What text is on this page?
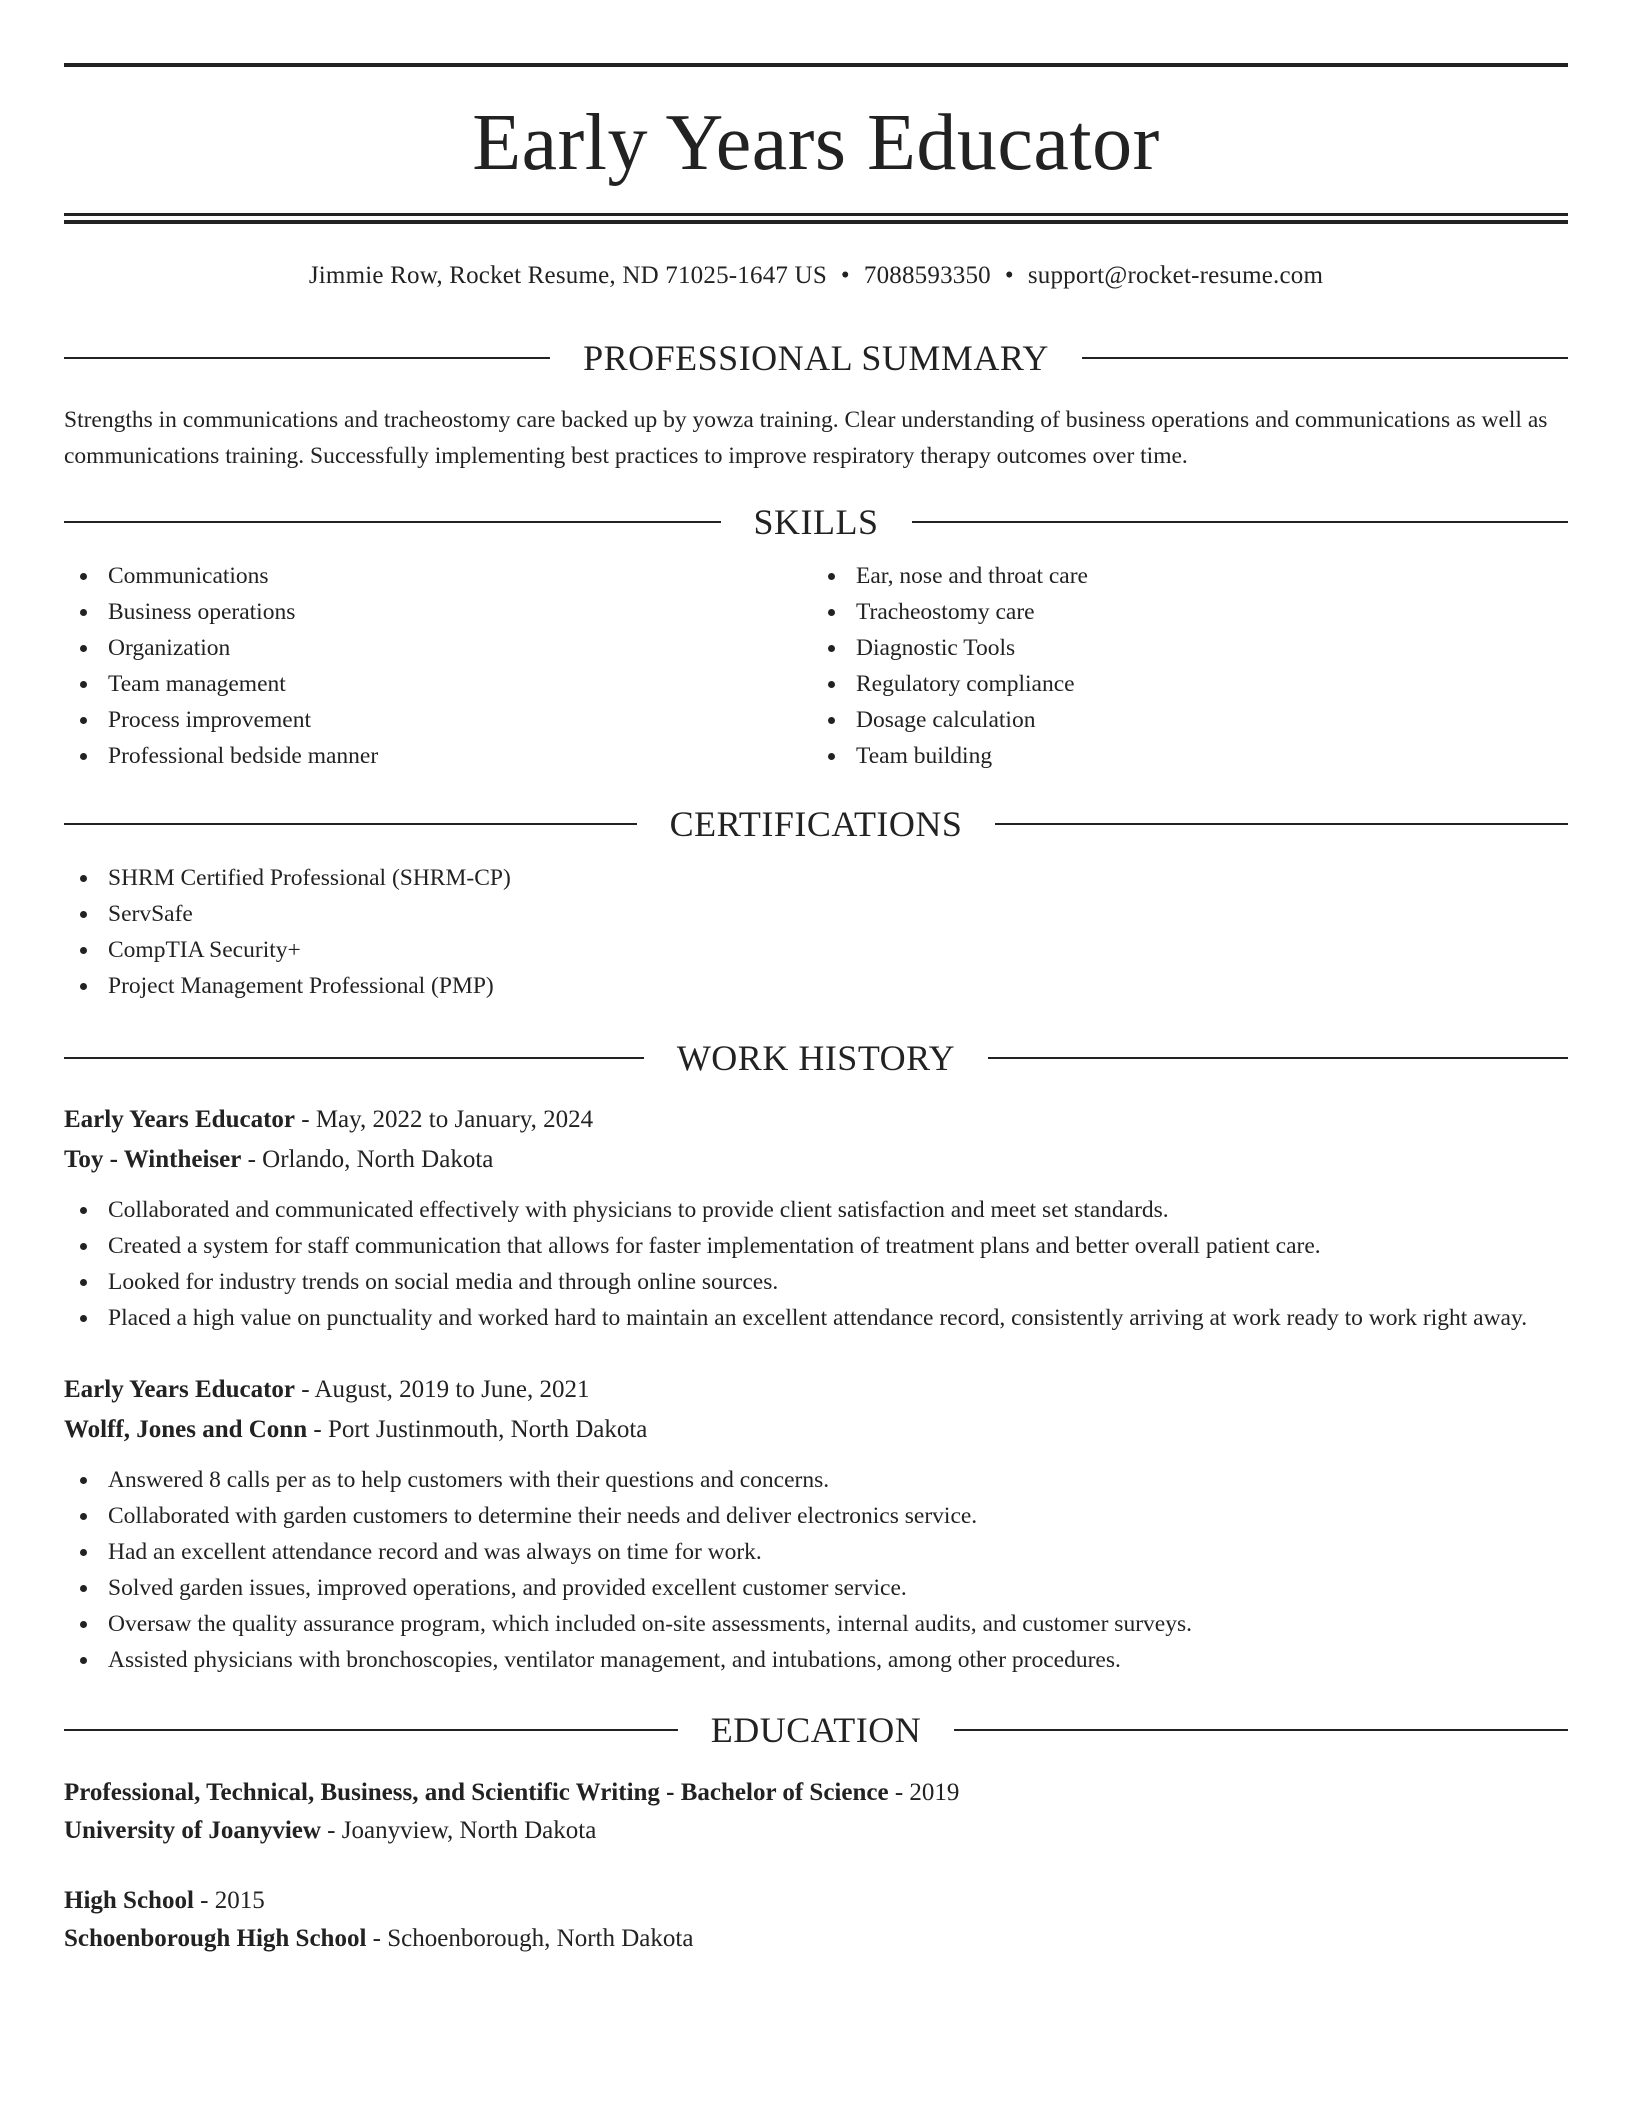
Early Years Educator
Jimmie Row, Rocket Resume, ND 71025-1647 US • 7088593350 • support@rocket-resume.com
PROFESSIONAL SUMMARY
Strengths in communications and tracheostomy care backed up by yowza training. Clear understanding of business operations and communications as well as communications training. Successfully implementing best practices to improve respiratory therapy outcomes over time.
SKILLS
Communications
Business operations
Organization
Team management
Process improvement
Professional bedside manner
Ear, nose and throat care
Tracheostomy care
Diagnostic Tools
Regulatory compliance
Dosage calculation
Team building
CERTIFICATIONS
SHRM Certified Professional (SHRM-CP)
ServSafe
CompTIA Security+
Project Management Professional (PMP)
WORK HISTORY
Early Years Educator - May, 2022 to January, 2024
Toy - Wintheiser - Orlando, North Dakota
Collaborated and communicated effectively with physicians to provide client satisfaction and meet set standards.
Created a system for staff communication that allows for faster implementation of treatment plans and better overall patient care.
Looked for industry trends on social media and through online sources.
Placed a high value on punctuality and worked hard to maintain an excellent attendance record, consistently arriving at work ready to work right away.
Early Years Educator - August, 2019 to June, 2021
Wolff, Jones and Conn - Port Justinmouth, North Dakota
Answered 8 calls per as to help customers with their questions and concerns.
Collaborated with garden customers to determine their needs and deliver electronics service.
Had an excellent attendance record and was always on time for work.
Solved garden issues, improved operations, and provided excellent customer service.
Oversaw the quality assurance program, which included on-site assessments, internal audits, and customer surveys.
Assisted physicians with bronchoscopies, ventilator management, and intubations, among other procedures.
EDUCATION
Professional, Technical, Business, and Scientific Writing - Bachelor of Science - 2019
University of Joanyview - Joanyview, North Dakota
High School - 2015
Schoenborough High School - Schoenborough, North Dakota
